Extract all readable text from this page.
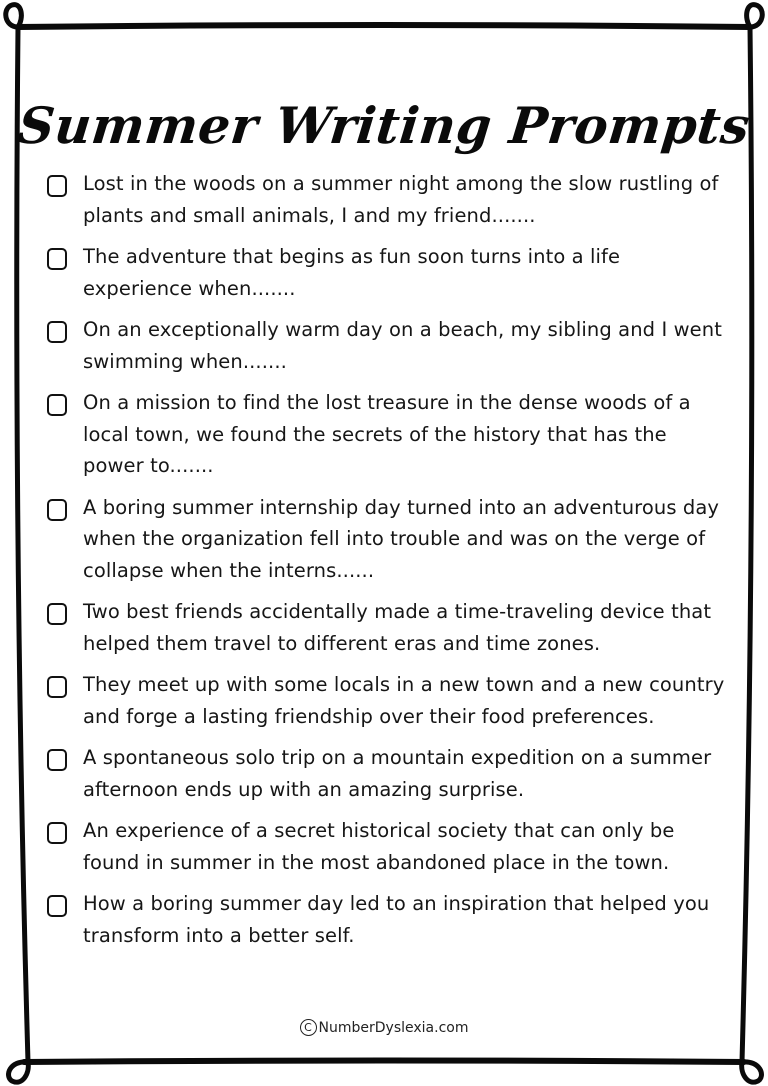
Summer Writing Prompts
Lost in the woods on a summer night among the slow rustling of plants and small animals, I and my friend.......
The adventure that begins as fun soon turns into a life experience when.......
On an exceptionally warm day on a beach, my sibling and I went swimming when.......
On a mission to find the lost treasure in the dense woods of a local town, we found the secrets of the history that has the power to.......
A boring summer internship day turned into an adventurous day when the organization fell into trouble and was on the verge of collapse when the interns......
Two best friends accidentally made a time-traveling device that helped them travel to different eras and time zones.
They meet up with some locals in a new town and a new country and forge a lasting friendship over their food preferences.
A spontaneous solo trip on a mountain expedition on a summer afternoon ends up with an amazing surprise.
An experience of a secret historical society that can only be found in summer in the most abandoned place in the town.
How a boring summer day led to an inspiration that helped you transform into a better self.
C NumberDyslexia.com
